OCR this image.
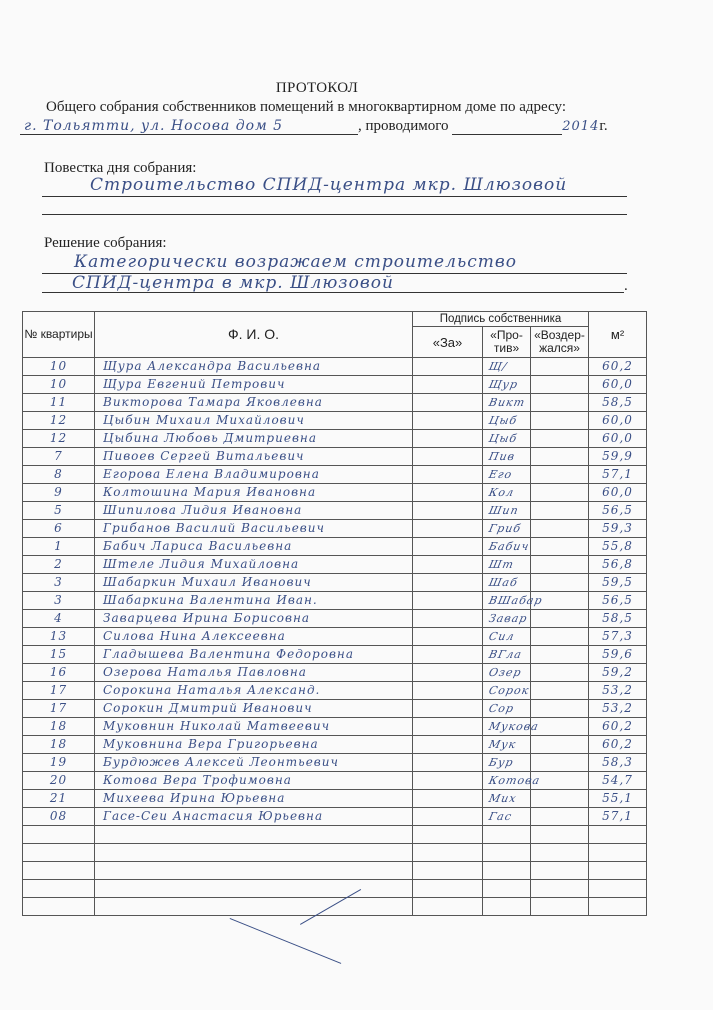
ПРОТОКОЛ
Общего собрания собственников помещений в многоквартирном доме по адресу:
г. Тольятти, ул. Носова дом 5	, проводимого	2014г.
Повестка дня собрания:
Строительство СПИД-центра мкр. Шлюзовой
Решение собрания:
Категорически возражаем строительство
СПИД-центра в мкр. Шлюзовой	.
№ квартиры	Ф. И. О.	Подпись собственника			м²
		«За»	«Про-тив»	«Воздер-жался»	
10	Щура Александра Васильевна		Щ/		60,2
10	Щура Евгений Петрович		Щур		60,0
11	Викторова Тамара Яковлевна		Викт		58,5
12	Цыбин Михаил Михайлович		Цыб		60,0
12	Цыбина Любовь Дмитриевна		Цыб		60,0
7	Пивоев Сергей Витальевич		Пив		59,9
8	Егорова Елена Владимировна		Его		57,1
9	Колтошина Мария Ивановна		Кол		60,0
5	Шипилова Лидия Ивановна		Шип		56,5
6	Грибанов Василий Васильевич		Гриб		59,3
1	Бабич Лариса Васильевна		Бабич		55,8
2	Штеле Лидия Михайловна		Шт		56,8
3	Шабаркин Михаил Иванович		Шаб		59,5
3	Шабаркина Валентина Иван.		ВШабар		56,5
4	Заварцева Ирина Борисовна		Завар		58,5
13	Силова Нина Алексеевна		Сил		57,3
15	Гладышева Валентина Федоровна		ВГла		59,6
16	Озерова Наталья Павловна		Озер		59,2
17	Сорокина Наталья Александ.		Сорок		53,2
17	Сорокин Дмитрий Иванович		Сор		53,2
18	Муковнин Николай Матвеевич		Мукова		60,2
18	Муковнина Вера Григорьевна		Мук		60,2
19	Бурдюжев Алексей Леонтьевич		Бур		58,3
20	Котова Вера Трофимовна		Котова		54,7
21	Михеева Ирина Юрьевна		Мих		55,1
08	Гасе-Сеи Анастасия Юрьевна		Гас		57,1
